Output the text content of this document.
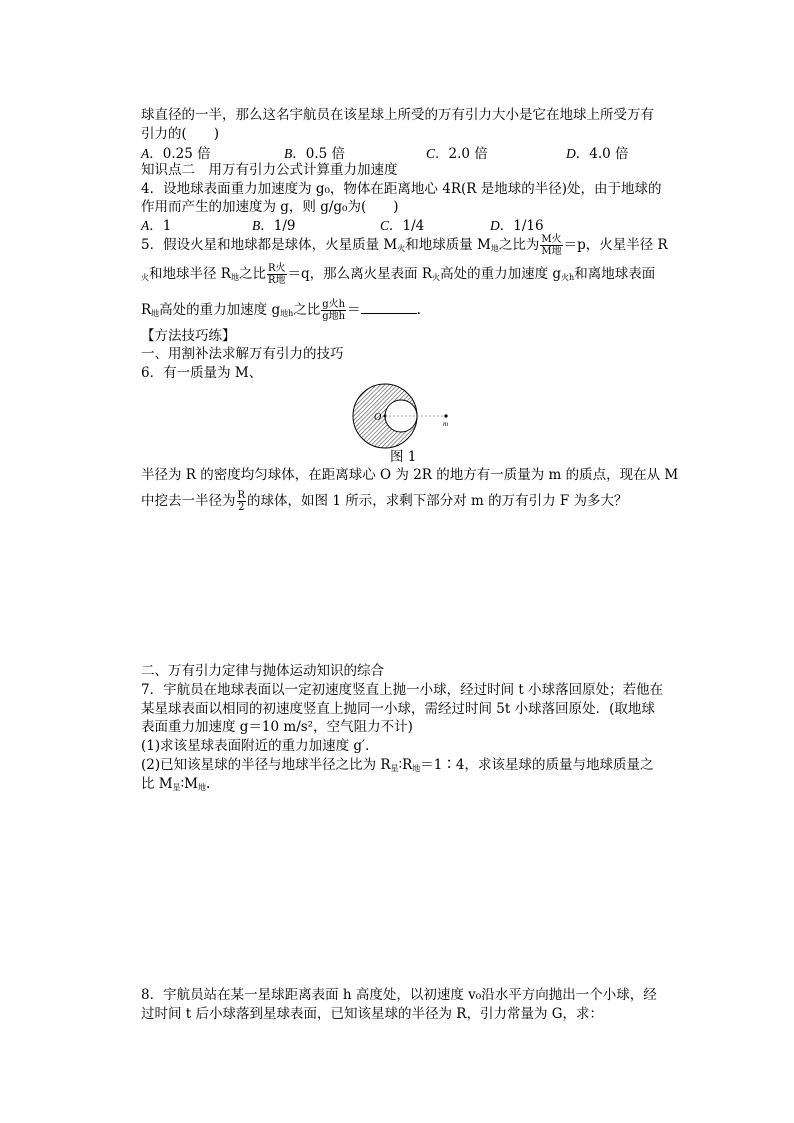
球直径的一半，那么这名宇航员在该星球上所受的万有引力大小是它在地球上所受万有
引力的(　　)
A．0.25 倍	B．0.5 倍	C．2.0 倍	D．4.0 倍
知识点二　用万有引力公式计算重力加速度
4．设地球表面重力加速度为 g₀，物体在距离地心 4R(R 是地球的半径)处，由于地球的
作用而产生的加速度为 g，则 g/g₀为(　　)
A．1	B．1/9	C．1/4	D．1/16
5．假设火星和地球都是球体，火星质量 $M_火$和地球质量 $M_地$之比为 $\frac{\text{M火}}{\text{M地}} =p$，火星半径 R
$_火$和地球半径 $R_地$之比 $\frac{\text{R火}}{\text{R地}} =q$，那么离火星表面 $R_火$高处的重力加速度 $g_{火h}$和离地球表面
$R_地$高处的重力加速度 $g_{地h}$之比 $\frac{\text{g火h}}{\text{g地h}}$ ＝	.
【方法技巧练】
一、用割补法求解万有引力的技巧
6．有一质量为 M、
O
m
图 1
半径为 R 的密度均匀球体，在距离球心 O 为 2R 的地方有一质量为 m 的质点，现在从 M
中挖去一半径为 $\frac{R}{2}$ 的球体，如图 1 所示，求剩下部分对 m 的万有引力 F 为多大？
二、万有引力定律与抛体运动知识的综合
7．宇航员在地球表面以一定初速度竖直上抛一小球，经过时间 t 小球落回原处；若他在
某星球表面以相同的初速度竖直上抛同一小球，需经过时间 5t 小球落回原处．(取地球
表面重力加速度 g＝10 m/s²，空气阻力不计)
(1)求该星球表面附近的重力加速度 g′．
(2)已知该星球的半径与地球半径之比为 $R_星∶R_地=1∶4$，求该星球的质量与地球质量之
比 $M_星∶M_地$.
8．宇航员站在某一星球距离表面 h 高度处，以初速度 v₀沿水平方向抛出一个小球，经
过时间 t 后小球落到星球表面，已知该星球的半径为 R，引力常量为 G，求：
